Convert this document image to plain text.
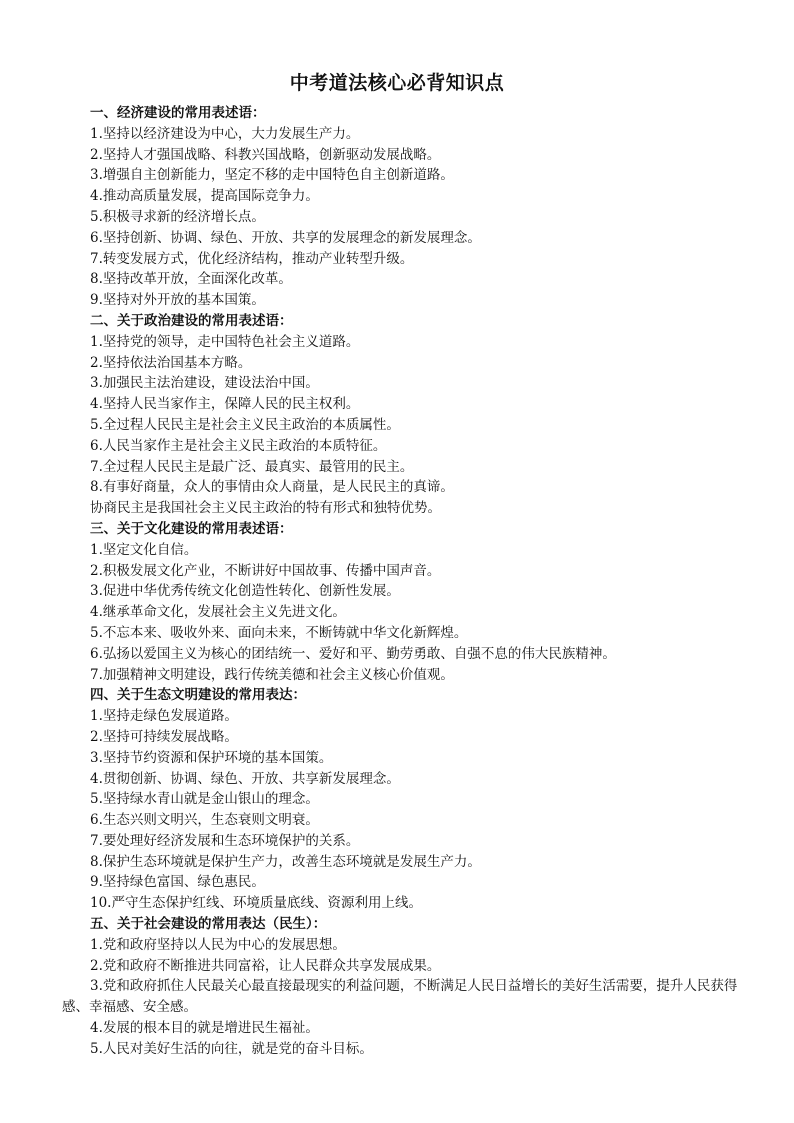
中考道法核心必背知识点
一、经济建设的常用表述语：
1.坚持以经济建设为中心，大力发展生产力。
2.坚持人才强国战略、科教兴国战略，创新驱动发展战略。
3.增强自主创新能力，坚定不移的走中国特色自主创新道路。
4.推动高质量发展，提高国际竞争力。
5.积极寻求新的经济增长点。
6.坚持创新、协调、绿色、开放、共享的发展理念的新发展理念。
7.转变发展方式，优化经济结构，推动产业转型升级。
8.坚持改革开放，全面深化改革。
9.坚持对外开放的基本国策。
二、关于政治建设的常用表述语：
1.坚持党的领导，走中国特色社会主义道路。
2.坚持依法治国基本方略。
3.加强民主法治建设，建设法治中国。
4.坚持人民当家作主，保障人民的民主权利。
5.全过程人民民主是社会主义民主政治的本质属性。
6.人民当家作主是社会主义民主政治的本质特征。
7.全过程人民民主是最广泛、最真实、最管用的民主。
8.有事好商量，众人的事情由众人商量，是人民民主的真谛。
协商民主是我国社会主义民主政治的特有形式和独特优势。
三、关于文化建设的常用表述语：
1.坚定文化自信。
2.积极发展文化产业，不断讲好中国故事、传播中国声音。
3.促进中华优秀传统文化创造性转化、创新性发展。
4.继承革命文化，发展社会主义先进文化。
5.不忘本来、吸收外来、面向未来，不断铸就中华文化新辉煌。
6.弘扬以爱国主义为核心的团结统一、爱好和平、勤劳勇敢、自强不息的伟大民族精神。
7.加强精神文明建设，践行传统美德和社会主义核心价值观。
四、关于生态文明建设的常用表达：
1.坚持走绿色发展道路。
2.坚持可持续发展战略。
3.坚持节约资源和保护环境的基本国策。
4.贯彻创新、协调、绿色、开放、共享新发展理念。
5.坚持绿水青山就是金山银山的理念。
6.生态兴则文明兴，生态衰则文明衰。
7.要处理好经济发展和生态环境保护的关系。
8.保护生态环境就是保护生产力，改善生态环境就是发展生产力。
9.坚持绿色富国、绿色惠民。
10.严守生态保护红线、环境质量底线、资源利用上线。
五、关于社会建设的常用表达（民生）：
1.党和政府坚持以人民为中心的发展思想。
2.党和政府不断推进共同富裕，让人民群众共享发展成果。
3.党和政府抓住人民最关心最直接最现实的利益问题，不断满足人民日益增长的美好生活需要，提升人民获得感、幸福感、安全感。
4.发展的根本目的就是增进民生福祉。
5.人民对美好生活的向往，就是党的奋斗目标。
